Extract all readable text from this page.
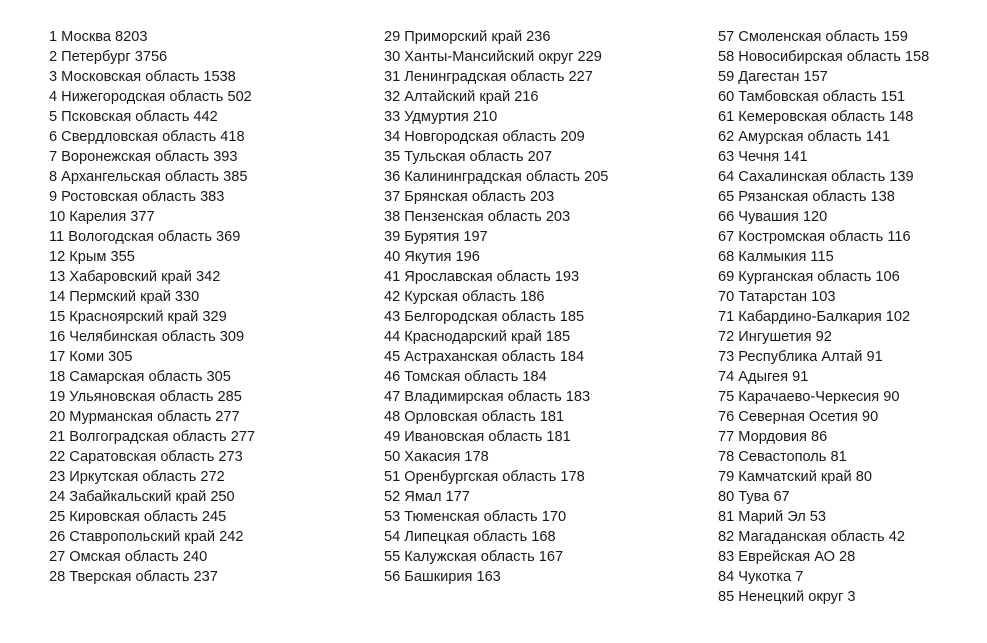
1 Москва 8203
2 Петербург 3756
3 Московская область 1538
4 Нижегородская область 502
5 Псковская область 442
6 Свердловская область 418
7 Воронежская область 393
8 Архангельская область 385
9 Ростовская область 383
10 Карелия 377
11 Вологодская область 369
12 Крым 355
13 Хабаровский край 342
14 Пермский край 330
15 Красноярский край 329
16 Челябинская область 309
17 Коми 305
18 Самарская область 305
19 Ульяновская область 285
20 Мурманская область 277
21 Волгоградская область 277
22 Саратовская область 273
23 Иркутская область 272
24 Забайкальский край 250
25 Кировская область 245
26 Ставропольский край 242
27 Омская область 240
28 Тверская область 237
29 Приморский край 236
30 Ханты-Мансийский округ 229
31 Ленинградская область 227
32 Алтайский край 216
33 Удмуртия 210
34 Новгородская область 209
35 Тульская область 207
36 Калининградская область 205
37 Брянская область 203
38 Пензенская область 203
39 Бурятия 197
40 Якутия 196
41 Ярославская область 193
42 Курская область 186
43 Белгородская область 185
44 Краснодарский край 185
45 Астраханская область 184
46 Томская область 184
47 Владимирская область 183
48 Орловская область 181
49 Ивановская область 181
50 Хакасия 178
51 Оренбургская область 178
52 Ямал 177
53 Тюменская область 170
54 Липецкая область 168
55 Калужская область 167
56 Башкирия 163
57 Смоленская область 159
58 Новосибирская область 158
59 Дагестан 157
60 Тамбовская область 151
61 Кемеровская область 148
62 Амурская область 141
63 Чечня 141
64 Сахалинская область 139
65 Рязанская область 138
66 Чувашия 120
67 Костромская область 116
68 Калмыкия 115
69 Курганская область 106
70 Татарстан 103
71 Кабардино-Балкария 102
72 Ингушетия 92
73 Республика Алтай 91
74 Адыгея 91
75 Карачаево-Черкесия 90
76 Северная Осетия 90
77 Мордовия 86
78 Севастополь 81
79 Камчатский край 80
80 Тува 67
81 Марий Эл 53
82 Магаданская область 42
83 Еврейская АО 28
84 Чукотка 7
85 Ненецкий округ 3
